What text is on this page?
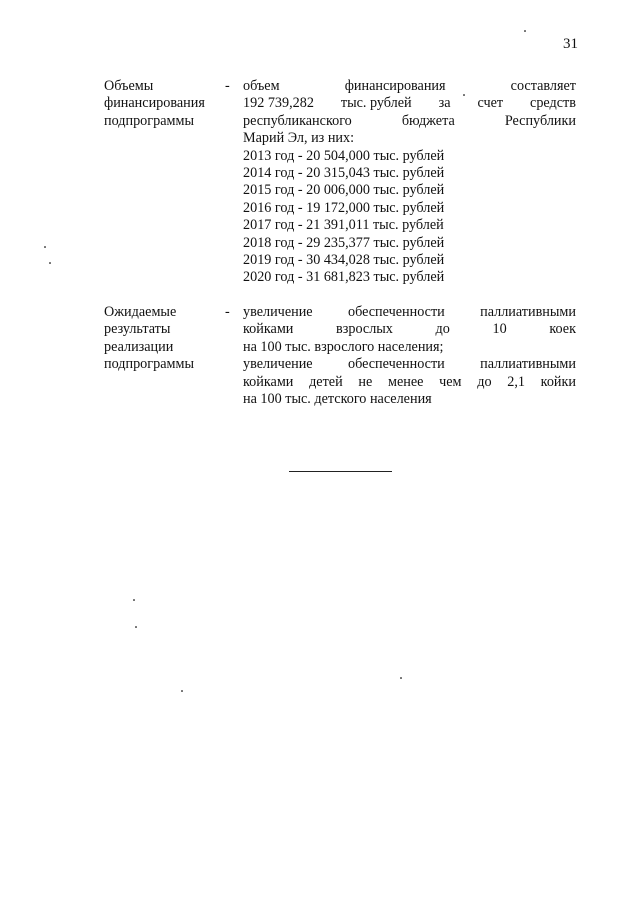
31
Объемы
финансирования
подпрограммы
- объем	финансирования	составляет
192 739,282 тыс. рублей за счет средств
республиканского	бюджета	Республики
Марий Эл, из них:
2013 год - 20 504,000 тыс. рублей
2014 год - 20 315,043 тыс. рублей
2015 год - 20 006,000 тыс. рублей
2016 год - 19 172,000 тыс. рублей
2017 год - 21 391,011 тыс. рублей
2018 год - 29 235,377 тыс. рублей
2019 год - 30 434,028 тыс. рублей
2020 год - 31 681,823 тыс. рублей
Ожидаемые
результаты
реализации
подпрограммы
- увеличение обеспеченности паллиативными
койками	взрослых	до	10	коек
на 100 тыс. взрослого населения;
увеличение обеспеченности паллиативными
койками детей не менее чем до 2,1 койки
на 100 тыс. детского населения
